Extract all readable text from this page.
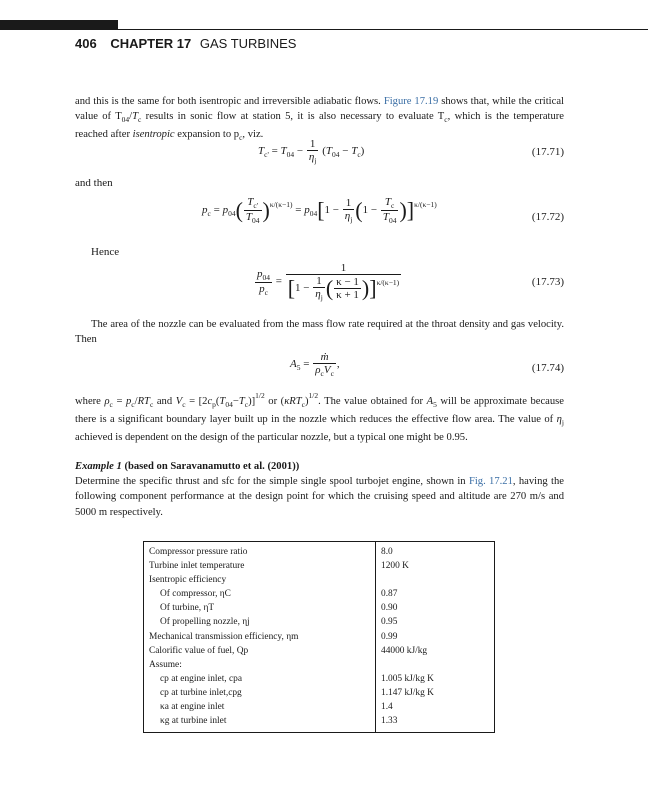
406 CHAPTER 17 GAS TURBINES
and this is the same for both isentropic and irreversible adiabatic flows. Figure 17.19 shows that, while the critical value of $T_{04}/T_c$ results in sonic flow at station 5, it is also necessary to evaluate $T_c$, which is the temperature reached after isentropic expansion to $p_c$, viz.
$T_{c'} = T_{04} - \frac{1}{\eta_j} (T_{04} - T_c)$	(17.71)
and then
$p_c = p_{04}( \frac{T_{c'}}{T_{04}} )^{\kappa/(\kappa-1)} = p_{04}[1 - \frac{1}{\eta_j} (1 - \frac{T_c}{T_{04}} )]^{\kappa/(\kappa-1)}$
(17.72)
Hence
$\frac{p_{04}}{p_c} = \frac{1}{[1 - \frac{1}{\eta_j} ( \frac{\kappa - 1}{\kappa + 1} )]^{\kappa/(\kappa-1)}}$	(17.73)
The area of the nozzle can be evaluated from the mass flow rate required at the throat density and gas velocity. Then
$A_5 = \frac{\text{ṁ}}{\rho_cV_c}$ ,	(17.74)
where $\rho_c = p_c/RT_c$ and $V_c = [2c_p(T_{04}-T_c)]^{1/2}$ or $(\kappa RT_c)^{1/2}$. The value obtained for $A_5$ will be approximate because there is a significant boundary layer built up in the nozzle which reduces the effective flow area. The value of $\eta_j$ achieved is dependent on the design of the particular nozzle, but a typical one might be 0.95.
Example 1 (based on Saravanamutto et al. (2001))
Determine the specific thrust and sfc for the simple single spool turbojet engine, shown in Fig. 17.21, having the following component performance at the design point for which the cruising speed and altitude are 270 m/s and 5000 m respectively.
Compressor pressure ratio	8.0
Turbine inlet temperature	1200 K
Isentropic efficiency	
Of compressor, ηC	0.87
Of turbine, ηT	0.90
Of propelling nozzle, ηj	0.95
Mechanical transmission efficiency, ηm	0.99
Calorific value of fuel, Qp	44000 kJ/kg
Assume:	
cp at engine inlet, cpa	1.005 kJ/kg K
cp at turbine inlet,cpg	1.147 kJ/kg K
κa at engine inlet	1.4
κg at turbine inlet	1.33
